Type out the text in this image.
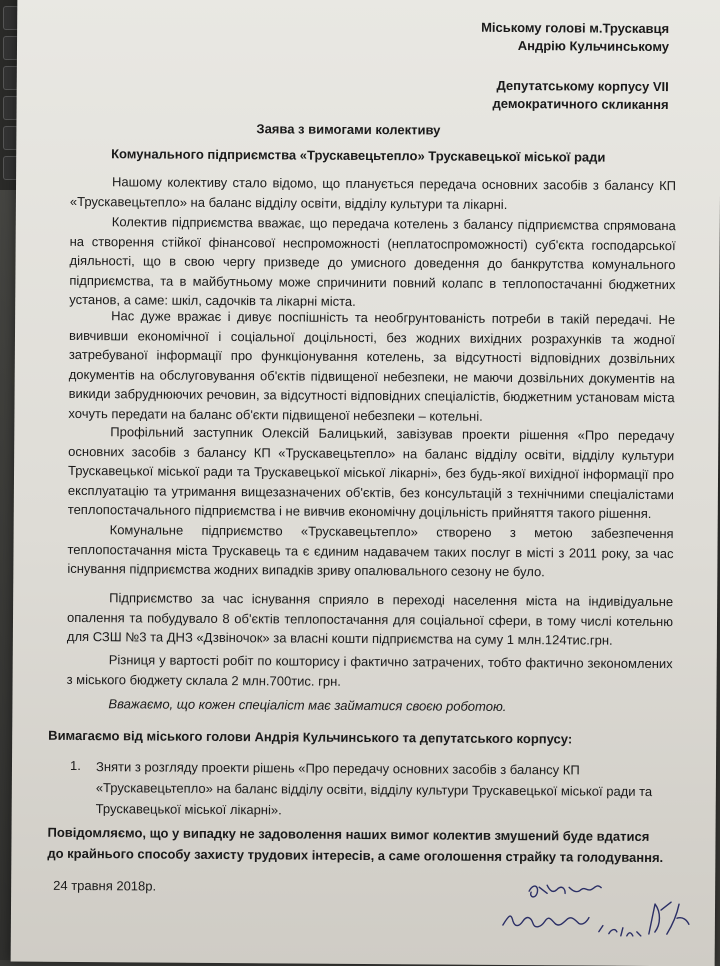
Міському голові м.Трускавця
Андрію Кульчинському
Депутатському корпусу VII
демократичного скликання
Заява з вимогами колективу
Комунального підприємства «Трускавецьтепло» Трускавецької міської ради
Нашому колективу стало відомо, що планується передача основних засобів з балансу КП «Трускавецьтепло» на баланс відділу освіти, відділу культури та лікарні.
Колектив підприємства вважає, що передача котелень з балансу підприємства спрямована на створення стійкої фінансової неспроможності (неплатоспроможності) суб'єкта господарської діяльності, що в свою чергу призведе до умисного доведення до банкрутства комунального підприємства, та в майбутньому може спричинити повний колапс в теплопостачанні бюджетних установ, а саме: шкіл, садочків та лікарні міста.
Нас дуже вражає і дивує поспішність та необгрунтованість потреби в такій передачі. Не вивчивши економічної і соціальної доцільності, без жодних вихідних розрахунків та жодної затребуваної інформації про функціонування котелень, за відсутності відповідних дозвільних документів на обслуговування об'єктів підвищеної небезпеки, не маючи дозвільних документів на викиди забруднюючих речовин, за відсутності відповідних спеціалістів, бюджетним установам міста хочуть передати на баланс об'єкти підвищеної небезпеки – котельні.
Профільний заступник Олексій Балицький, завізував проекти рішення «Про передачу основних засобів з балансу КП «Трускавецьтепло» на баланс відділу освіти, відділу культури Трускавецької міської ради та Трускавецької міської лікарні», без будь-якої вихідної інформації про експлуатацію та утримання вищезазначених об'єктів, без консультацій з технічними спеціалістами теплопостачального підприємства і не вивчив економічну доцільність прийняття такого рішення.
Комунальне підприємство «Трускавецьтепло» створено з метою забезпечення теплопостачання міста Трускавець та є єдиним надавачем таких послуг в місті з 2011 року, за час існування підприємства жодних випадків зриву опалювального сезону не було.
Підприємство за час існування сприяло в переході населення міста на індивідуальне опалення та побудувало 8 об'єктів теплопостачання для соціальної сфери, в тому числі котельню для СЗШ №3 та ДНЗ «Дзвіночок» за власні кошти підприємства на суму 1 млн.124тис.грн.
Різниця у вартості робіт по кошторису і фактично затрачених, тобто фактично зекономлених з міського бюджету склала 2 млн.700тис. грн.
Вважаємо, що кожен спеціаліст має займатися своєю роботою.
Вимагаємо від міського голови Андрія Кульчинського та депутатського корпусу:
1.	Зняти з розгляду проекти рішень «Про передачу основних засобів з балансу КП «Трускавецьтепло» на баланс відділу освіти, відділу культури Трускавецької міської ради та Трускавецької міської лікарні».
Повідомляємо, що у випадку не задоволення наших вимог колектив змушений буде вдатися до крайнього способу захисту трудових інтересів, а саме оголошення страйку та голодування.
24 травня 2018р.
